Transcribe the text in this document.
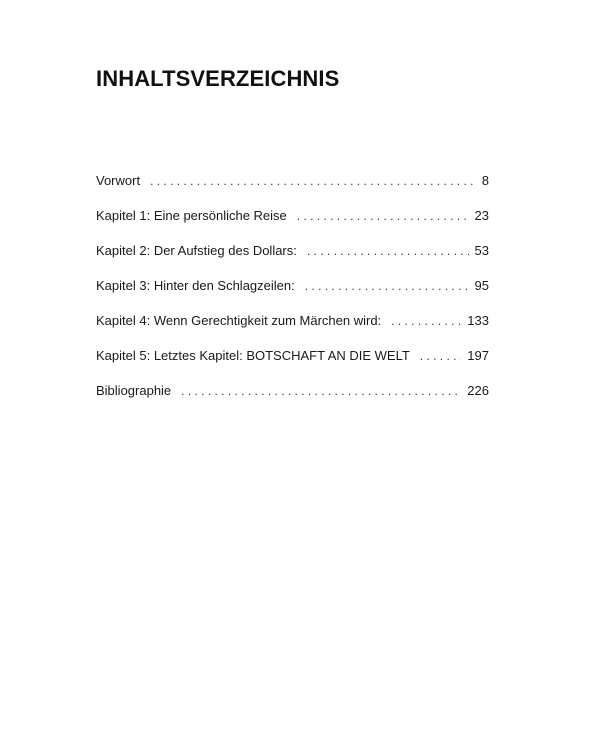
INHALTSVERZEICHNIS
Vorwort . . .	8
Kapitel 1: Eine persönliche Reise . . .	23
Kapitel 2: Der Aufstieg des Dollars: . . .	53
Kapitel 3: Hinter den Schlagzeilen: . . .	95
Kapitel 4: Wenn Gerechtigkeit zum Märchen wird: . . .	133
Kapitel 5: Letztes Kapitel: BOTSCHAFT AN DIE WELT . . .	197
Bibliographie . . .	226
